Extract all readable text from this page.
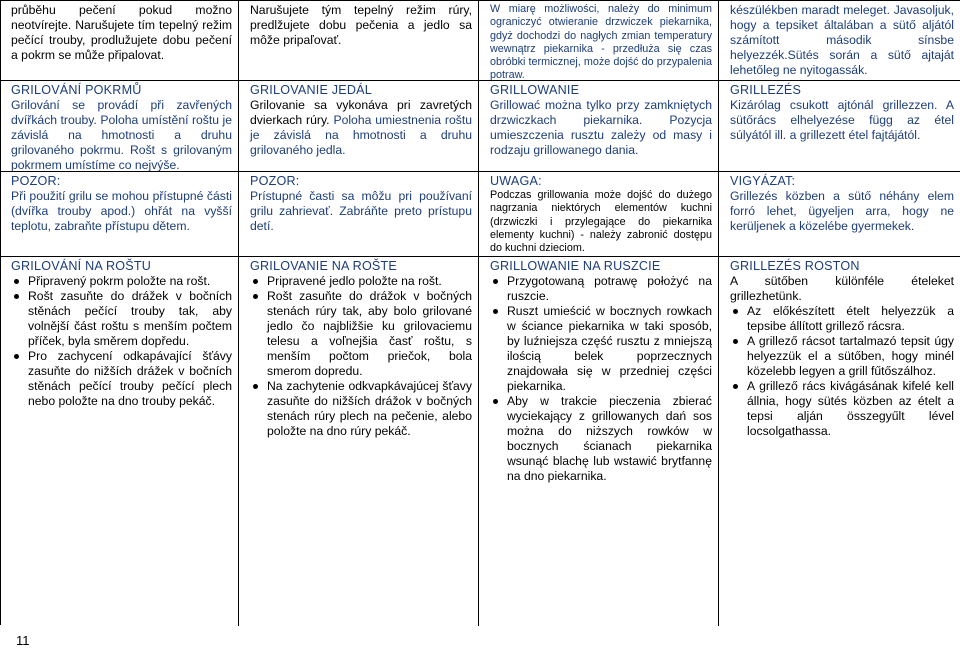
průběhu pečení pokud možno neotvírejte. Narušujete tím tepelný režim pečící trouby, prodlužujete dobu pečení a pokrm se může připalovat.

GRILOVÁNÍ POKRMŮ

Grilování se provádí při zavřených dvířkách trouby. Poloha umístění roštu je závislá na hmotnosti a druhu grilovaného pokrmu. Rošt s grilovaným pokrmem umístíme co nejvýše.

POZOR:

Při použití grilu se mohou přístupné části (dvířka trouby apod.) ohřát na vyšší teplotu, zabraňte přístupu dětem.

GRILOVÁNÍ NA ROŠTU

Připravený pokrm položte na rošt.
Rošt zasuňte do drážek v bočních stěnách pečící trouby tak, aby volnější část roštu s menším počtem příček, byla směrem dopředu.
Pro zachycení odkapávající šťávy zasuňte do nižších drážek v bočních stěnách pečící trouby pečící plech nebo položte na dno trouby pekáč.

Narušujete tým tepelný režim rúry, predlžujete dobu pečenia a jedlo sa môže pripaľovať.

GRILOVANIE JEDÁL

Grilovanie sa vykonáva pri zavretých dvierkach rúry. Poloha umiestnenia roštu je závislá na hmotnosti a druhu grilovaného jedla.

POZOR:

Prístupné časti sa môžu pri používaní grilu zahrievať. Zabráňte preto prístupu detí.

GRILOVANIE NA ROŠTE

Pripravené jedlo položte na rošt.
Rošt zasuňte do drážok v bočných stenách rúry tak, aby bolo grilované jedlo čo najbližšie ku grilovaciemu telesu a voľnejšia časť roštu, s menším počtom priečok, bola smerom dopredu.
Na zachytenie odkvapkávajúcej šťavy zasuňte do nižších drážok v bočných stenách rúry plech na pečenie, alebo položte na dno rúry pekáč.

W miarę możliwości, należy do minimum ograniczyć otwieranie drzwiczek piekarnika, gdyż dochodzi do nagłych zmian temperatury wewnątrz piekarnika - przedłuża się czas obróbki termicznej, może dojść do przypalenia potraw.

GRILLOWANIE

Grillować można tylko przy zamkniętych drzwiczkach piekarnika. Pozycja umieszczenia rusztu zależy od masy i rodzaju grillowanego dania.

UWAGA:

Podczas grillowania może dojść do dużego nagrzania niektórych elementów kuchni (drzwiczki i przylegające do piekarnika elementy kuchni) - należy zabronić dostępu do kuchni dzieciom.

GRILLOWANIE NA RUSZCIE

Przygotowaną potrawę położyć na ruszcie.
Ruszt umieścić w bocznych rowkach w ściance piekarnika w taki sposób, by luźniejsza część rusztu z mniejszą ilością belek poprzecznych znajdowała się w przedniej części piekarnika.
Aby w trakcie pieczenia zbierać wyciekający z grillowanych dań sos można do niższych rowków w bocznych ścianach piekarnika wsunąć blachę lub wstawić brytfannę na dno piekarnika.

készülékben maradt meleget. Javasoljuk, hogy a tepsiket általában a sütő aljától számított második sínsbe helyezzék.Sütés során a sütő ajtaját lehetőleg ne nyitogassák.

GRILLEZÉS

Kizárólag csukott ajtónál grillezzen. A sütőrács elhelyezése függ az étel súlyától ill. a grillezett étel fajtájától.

VIGYÁZAT:

Grillezés közben a sütő néhány elem forró lehet, ügyeljen arra, hogy ne kerüljenek a közelébe gyermekek.

GRILLEZÉS ROSTON

A sütőben különféle ételeket grillezhetünk.

Az előkészített ételt helyezzük a tepsibe állított grillező rácsra.
A grillező rácsot tartalmazó tepsit úgy helyezzük el a sütőben, hogy minél közelebb legyen a grill fűtőszálhoz.
A grillező rács kivágásának kifelé kell állnia, hogy sütés közben az ételt a tepsi alján összegyűlt lével locsolgathassa.
11
